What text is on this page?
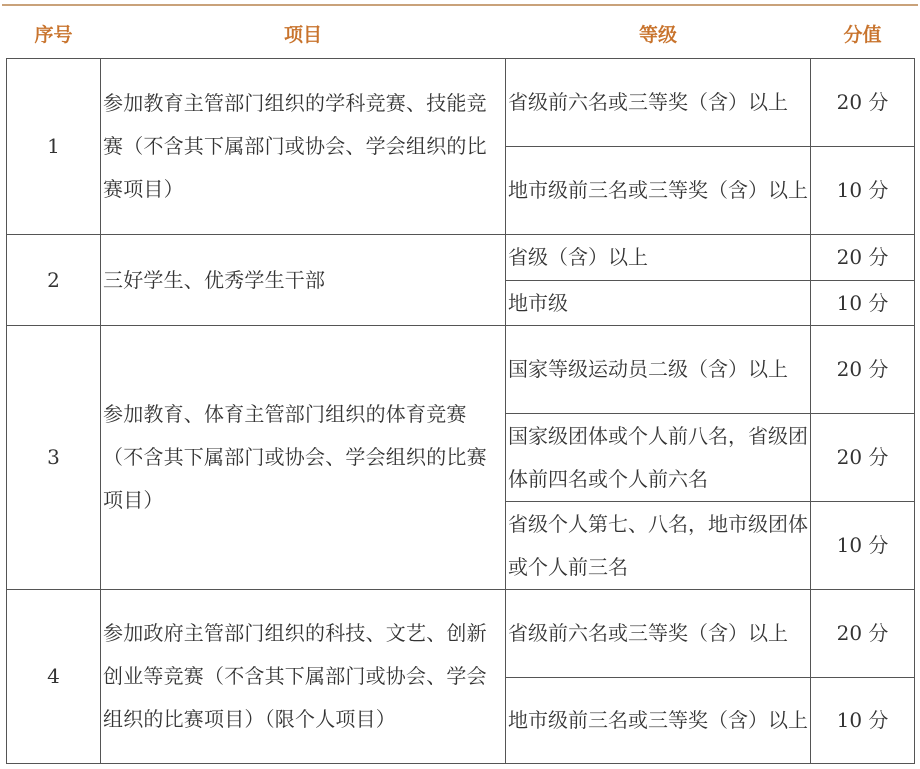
序号	项目	等级	分值
1	参加教育主管部门组织的学科竞赛、技能竞赛（不含其下属部门或协会、学会组织的比赛项目）	省级前六名或三等奖（含）以上	20 分
		地市级前三名或三等奖（含）以上	10 分
2	三好学生、优秀学生干部	省级（含）以上	20 分
		地市级	10 分
3	参加教育、体育主管部门组织的体育竞赛（不含其下属部门或协会、学会组织的比赛项目）	国家等级运动员二级（含）以上	20 分
		国家级团体或个人前八名，省级团体前四名或个人前六名	20 分
		省级个人第七、八名，地市级团体或个人前三名	10 分
4	参加政府主管部门组织的科技、文艺、创新创业等竞赛（不含其下属部门或协会、学会组织的比赛项目）（限个人项目）	省级前六名或三等奖（含）以上	20 分
		地市级前三名或三等奖（含）以上	10 分
